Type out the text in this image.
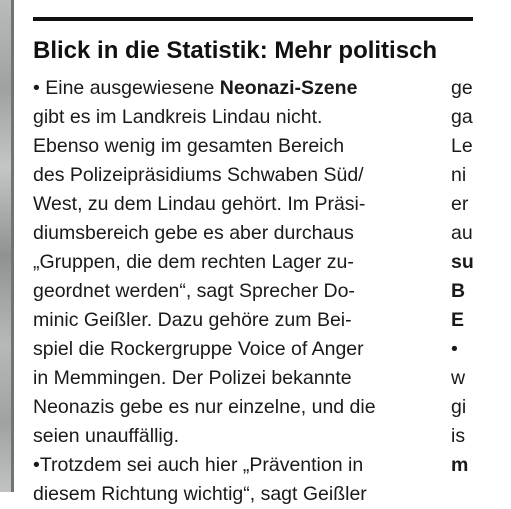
Blick in die Statistik: Mehr politisch
• Eine ausgewiesene Neonazi-Szene
gibt es im Landkreis Lindau nicht.
Ebenso wenig im gesamten Bereich
des Polizeipräsidiums Schwaben Süd/
West, zu dem Lindau gehört. Im Präsi-
diumsbereich gebe es aber durchaus
„Gruppen, die dem rechten Lager zu-
geordnet werden“, sagt Sprecher Do-
minic Geißler. Dazu gehöre zum Bei-
spiel die Rockergruppe Voice of Anger
in Memmingen. Der Polizei bekannte
Neonazis gebe es nur einzelne, und die
seien unauffällig.
•Trotzdem sei auch hier „Prävention in
diesem Richtung wichtig“, sagt Geißler
ge
ga
Le
ni
er
au
su
B
E
•
w
gi
is
m
